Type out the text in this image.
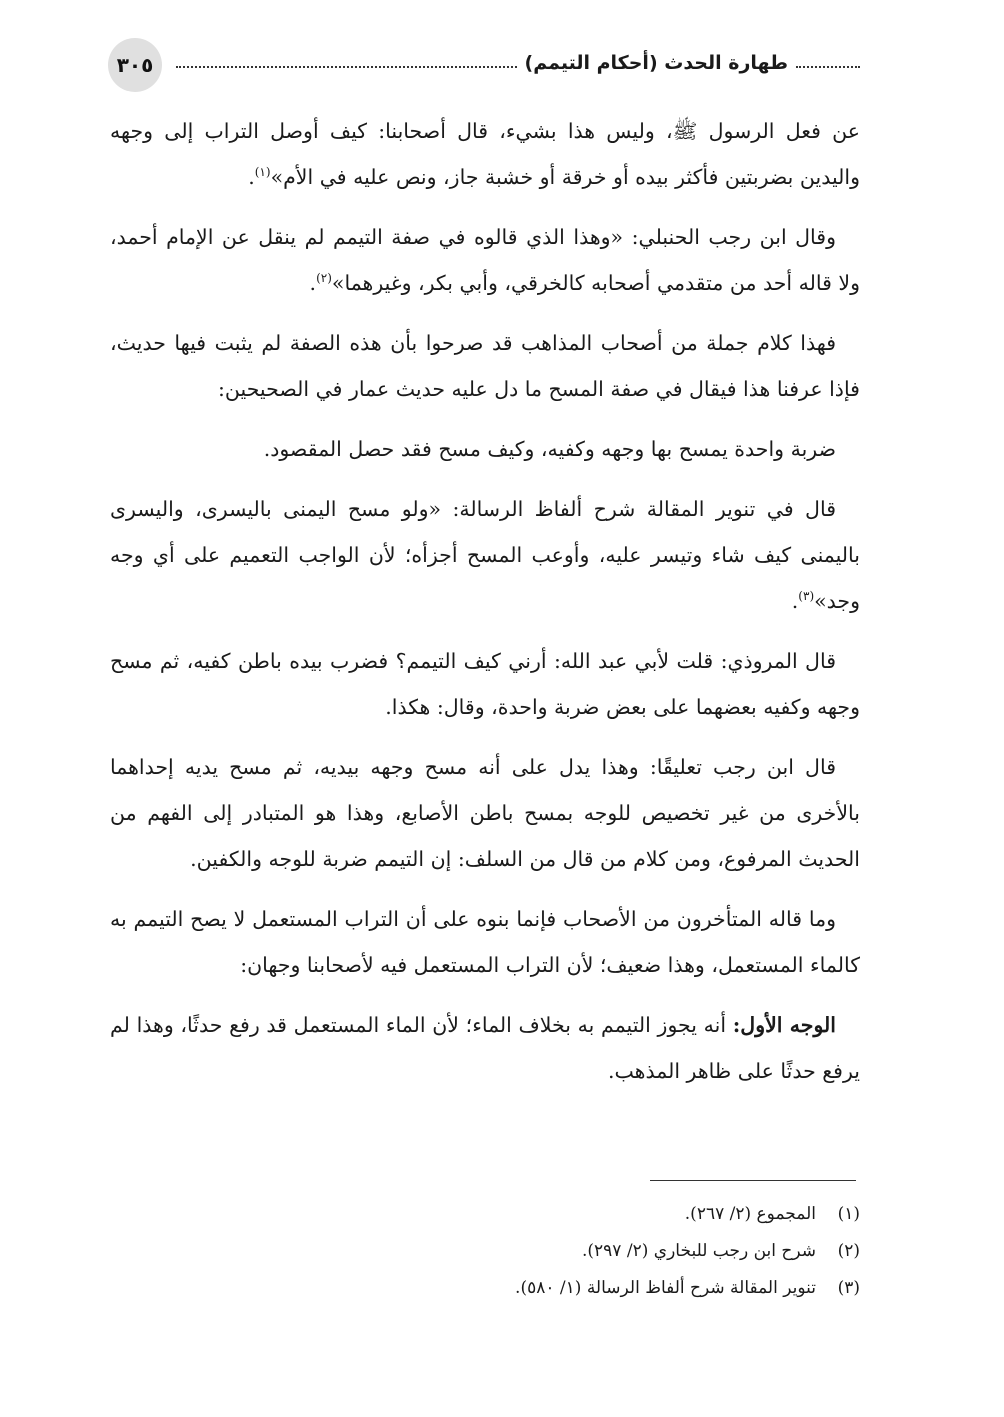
٣٠٥	طهارة الحدث (أحكام التيمم)

عن فعل الرسول ﷺ، وليس هذا بشيء، قال أصحابنا: كيف أوصل التراب إلى وجهه واليدين بضربتين فأكثر بيده أو خرقة أو خشبة جاز، ونص عليه في الأم»$^{(١)}$.

وقال ابن رجب الحنبلي: «وهذا الذي قالوه في صفة التيمم لم ينقل عن الإمام أحمد، ولا قاله أحد من متقدمي أصحابه كالخرقي، وأبي بكر، وغيرهما»$^{(٢)}$.

فهذا كلام جملة من أصحاب المذاهب قد صرحوا بأن هذه الصفة لم يثبت فيها حديث، فإذا عرفنا هذا فيقال في صفة المسح ما دل عليه حديث عمار في الصحيحين:

ضربة واحدة يمسح بها وجهه وكفيه، وكيف مسح فقد حصل المقصود.

قال في تنوير المقالة شرح ألفاظ الرسالة: «ولو مسح اليمنى باليسرى، واليسرى باليمنى كيف شاء وتيسر عليه، وأوعب المسح أجزأه؛ لأن الواجب التعميم على أي وجه وجد»$^{(٣)}$.

قال المروذي: قلت لأبي عبد الله: أرني كيف التيمم؟ فضرب بيده باطن كفيه، ثم مسح وجهه وكفيه بعضهما على بعض ضربة واحدة، وقال: هكذا.

قال ابن رجب تعليقًا: وهذا يدل على أنه مسح وجهه بيديه، ثم مسح يديه إحداهما بالأخرى من غير تخصيص للوجه بمسح باطن الأصابع، وهذا هو المتبادر إلى الفهم من الحديث المرفوع، ومن كلام من قال من السلف: إن التيمم ضربة للوجه والكفين.

وما قاله المتأخرون من الأصحاب فإنما بنوه على أن التراب المستعمل لا يصح التيمم به كالماء المستعمل، وهذا ضعيف؛ لأن التراب المستعمل فيه لأصحابنا وجهان:

الوجه الأول: أنه يجوز التيمم به بخلاف الماء؛ لأن الماء المستعمل قد رفع حدثًا، وهذا لم يرفع حدثًا على ظاهر المذهب.

(١)
المجموع (٢/ ٢٦٧).
(٢)
شرح ابن رجب للبخاري (٢/ ٢٩٧).
(٣)
تنوير المقالة شرح ألفاظ الرسالة (١/ ٥٨٠).
